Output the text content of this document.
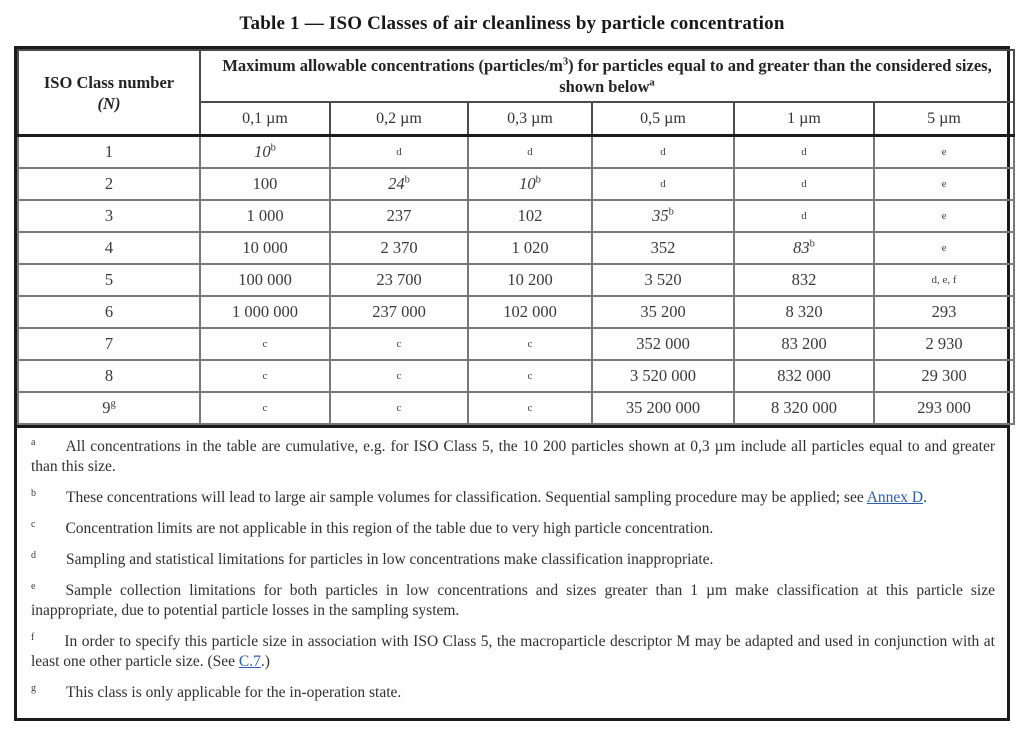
Table 1 — ISO Classes of air cleanliness by particle concentration
ISO Class number
(N)	Maximum allowable concentrations $(particles/m^3)$ for particles equal to and greater than the considered sizes, shown below$^a$
	0,1 µm	0,2 µm	0,3 µm	0,5 µm	1 µm	5 µm
1	10$^b$	d	d	d	d	e
2	100	24$^b$	10$^b$	d	d	e
3	1 000	237	102	35$^b$	d	e
4	10 000	2 370	1 020	352	83$^b$	e
5	100 000	23 700	10 200	3 520	832	d, e, f
6	1 000 000	237 000	102 000	35 200	8 320	293
7	c	c	c	352 000	83 200	2 930
8	c	c	c	3 520 000	832 000	29 300
9$^g$	c	c	c	35 200 000	8 320 000	293 000

$^a$ All concentrations in the table are cumulative, e.g. for ISO Class 5, the 10 200 particles shown at 0,3 µm include all particles equal to and greater than this size.

$^b$ These concentrations will lead to large air sample volumes for classification. Sequential sampling procedure may be applied; see Annex D.

$^c$ Concentration limits are not applicable in this region of the table due to very high particle concentration.

$^d$ Sampling and statistical limitations for particles in low concentrations make classification inappropriate.

$^e$ Sample collection limitations for both particles in low concentrations and sizes greater than 1 µm make classification at this particle size inappropriate, due to potential particle losses in the sampling system.

$^f$ In order to specify this particle size in association with ISO Class 5, the macroparticle descriptor M may be adapted and used in conjunction with at least one other particle size. (See C.7.)

$^g$ This class is only applicable for the in-operation state.
